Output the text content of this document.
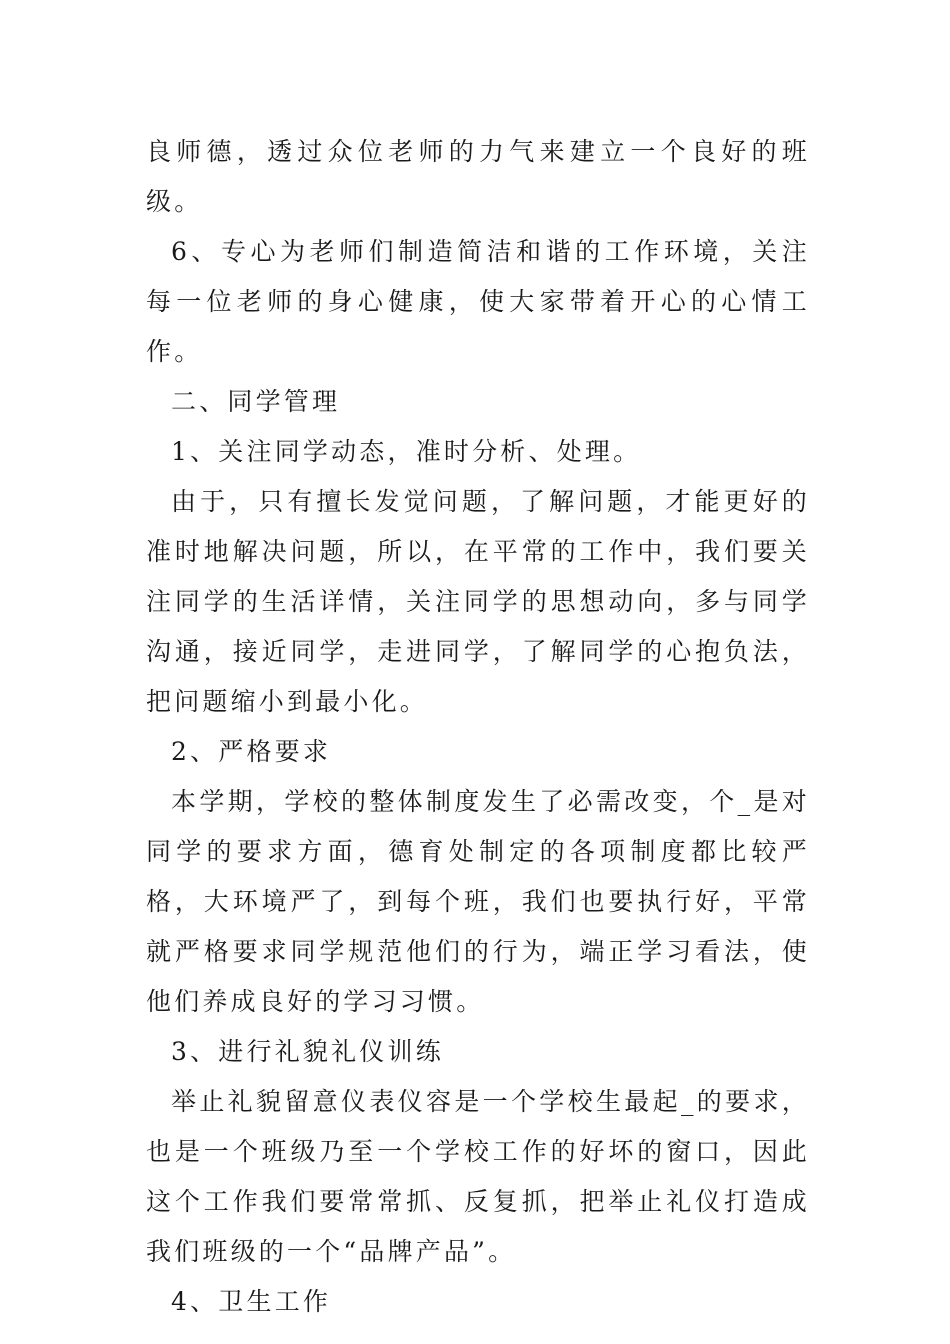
良师德，透过众位老师的力气来建立一个良好的班级。

6、专心为老师们制造简洁和谐的工作环境，关注每一位老师的身心健康，使大家带着开心的心情工作。

二、同学管理

1、关注同学动态，准时分析、处理。

由于，只有擅长发觉问题，了解问题，才能更好的准时地解决问题，所以，在平常的工作中，我们要关注同学的生活详情，关注同学的思想动向，多与同学沟通，接近同学，走进同学，了解同学的心抱负法，把问题缩小到最小化。

2、严格要求

本学期，学校的整体制度发生了必需改变，个_是对同学的要求方面，德育处制定的各项制度都比较严格，大环境严了，到每个班，我们也要执行好，平常就严格要求同学规范他们的行为，端正学习看法，使他们养成良好的学习习惯。

3、进行礼貌礼仪训练

举止礼貌留意仪表仪容是一个学校生最起_的要求，也是一个班级乃至一个学校工作的好坏的窗口，因此这个工作我们要常常抓、反复抓，把举止礼仪打造成我们班级的一个“品牌产品”。

4、卫生工作
